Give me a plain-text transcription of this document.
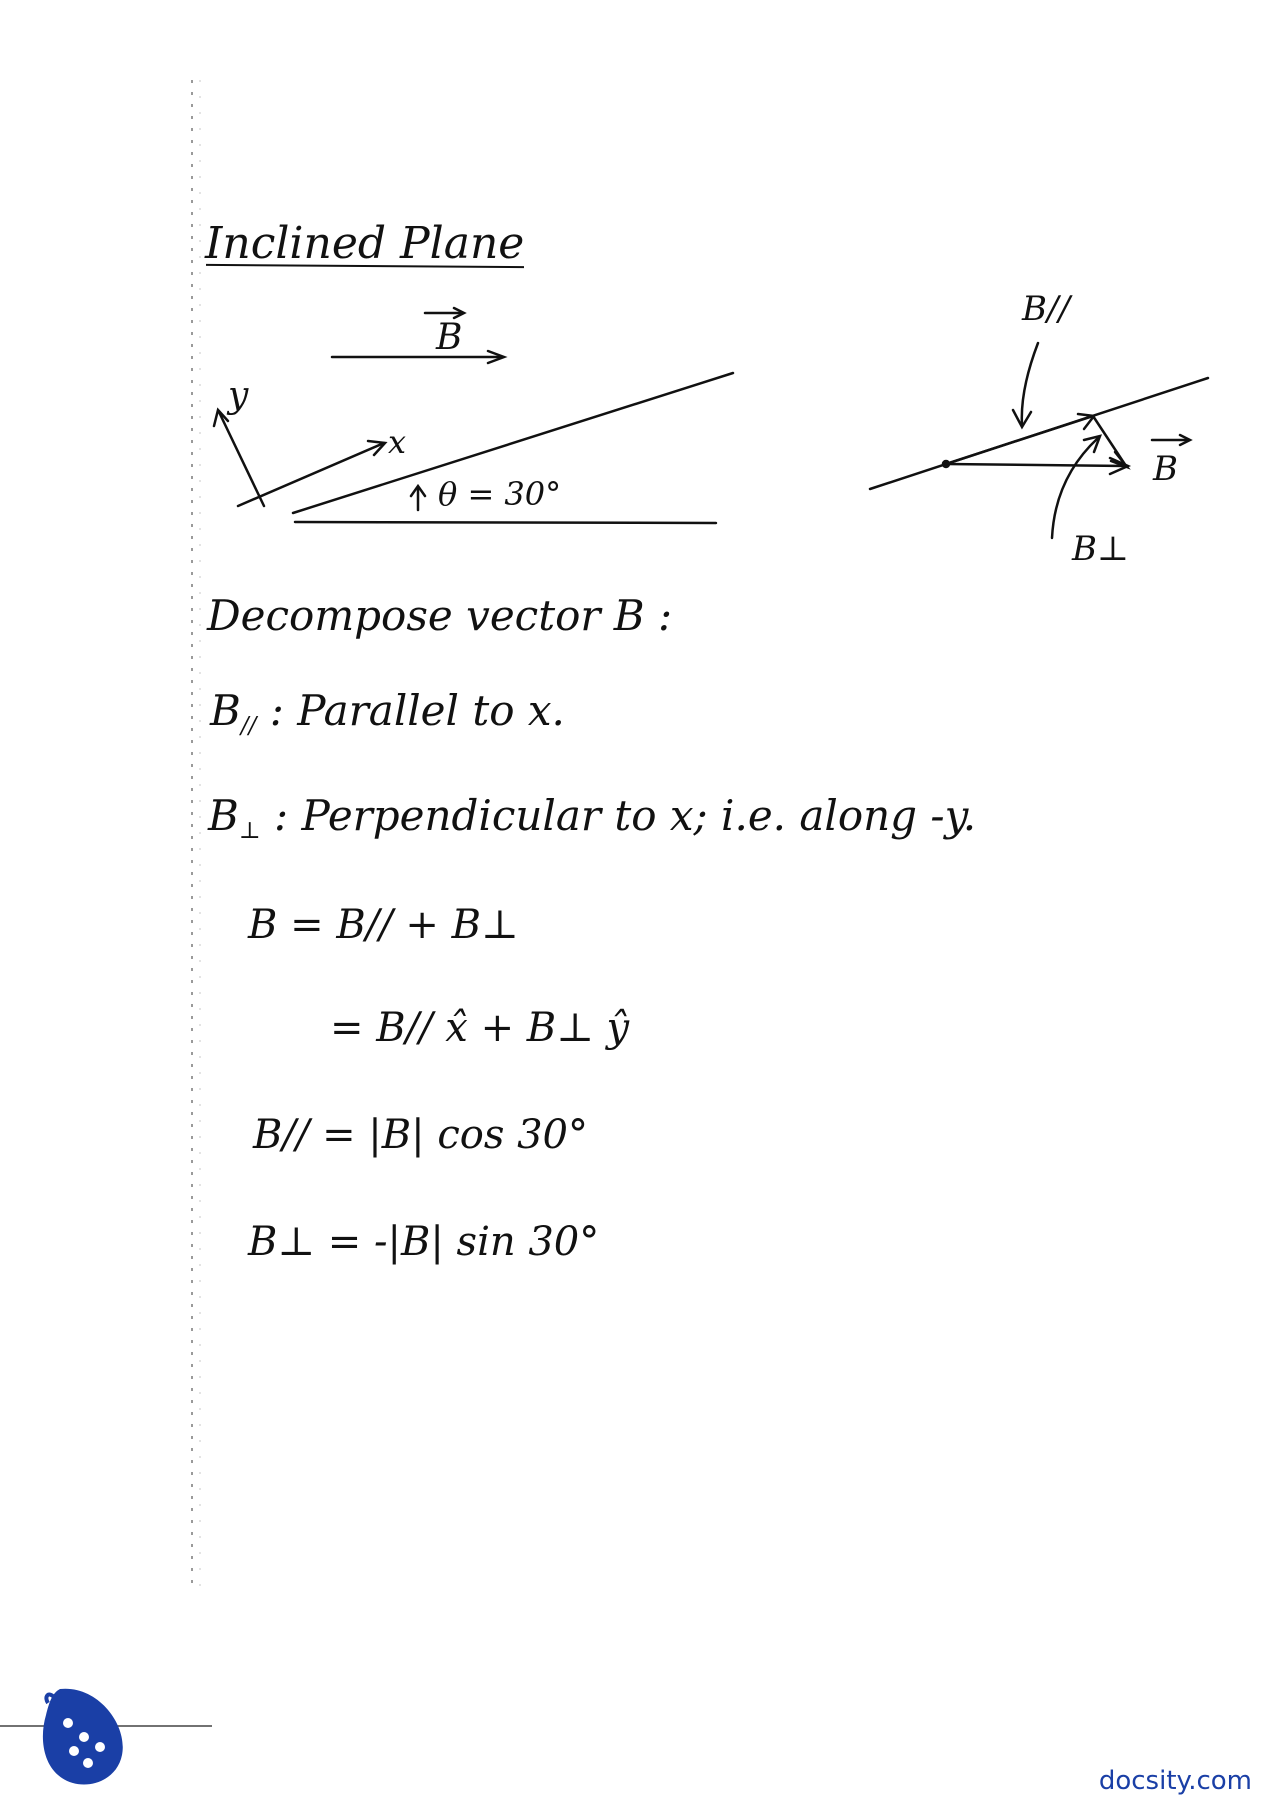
B
y
x
θ = 30°
B//
B
B⊥
Inclined Plane
Decompose vector B :
B// : Parallel to x.
B⊥ : Perpendicular to x; i.e. along -y.
B = B// + B⊥
= B// x̂ + B⊥ ŷ
B// = |B| cos 30°
B⊥ = -|B| sin 30°
docsity.com
